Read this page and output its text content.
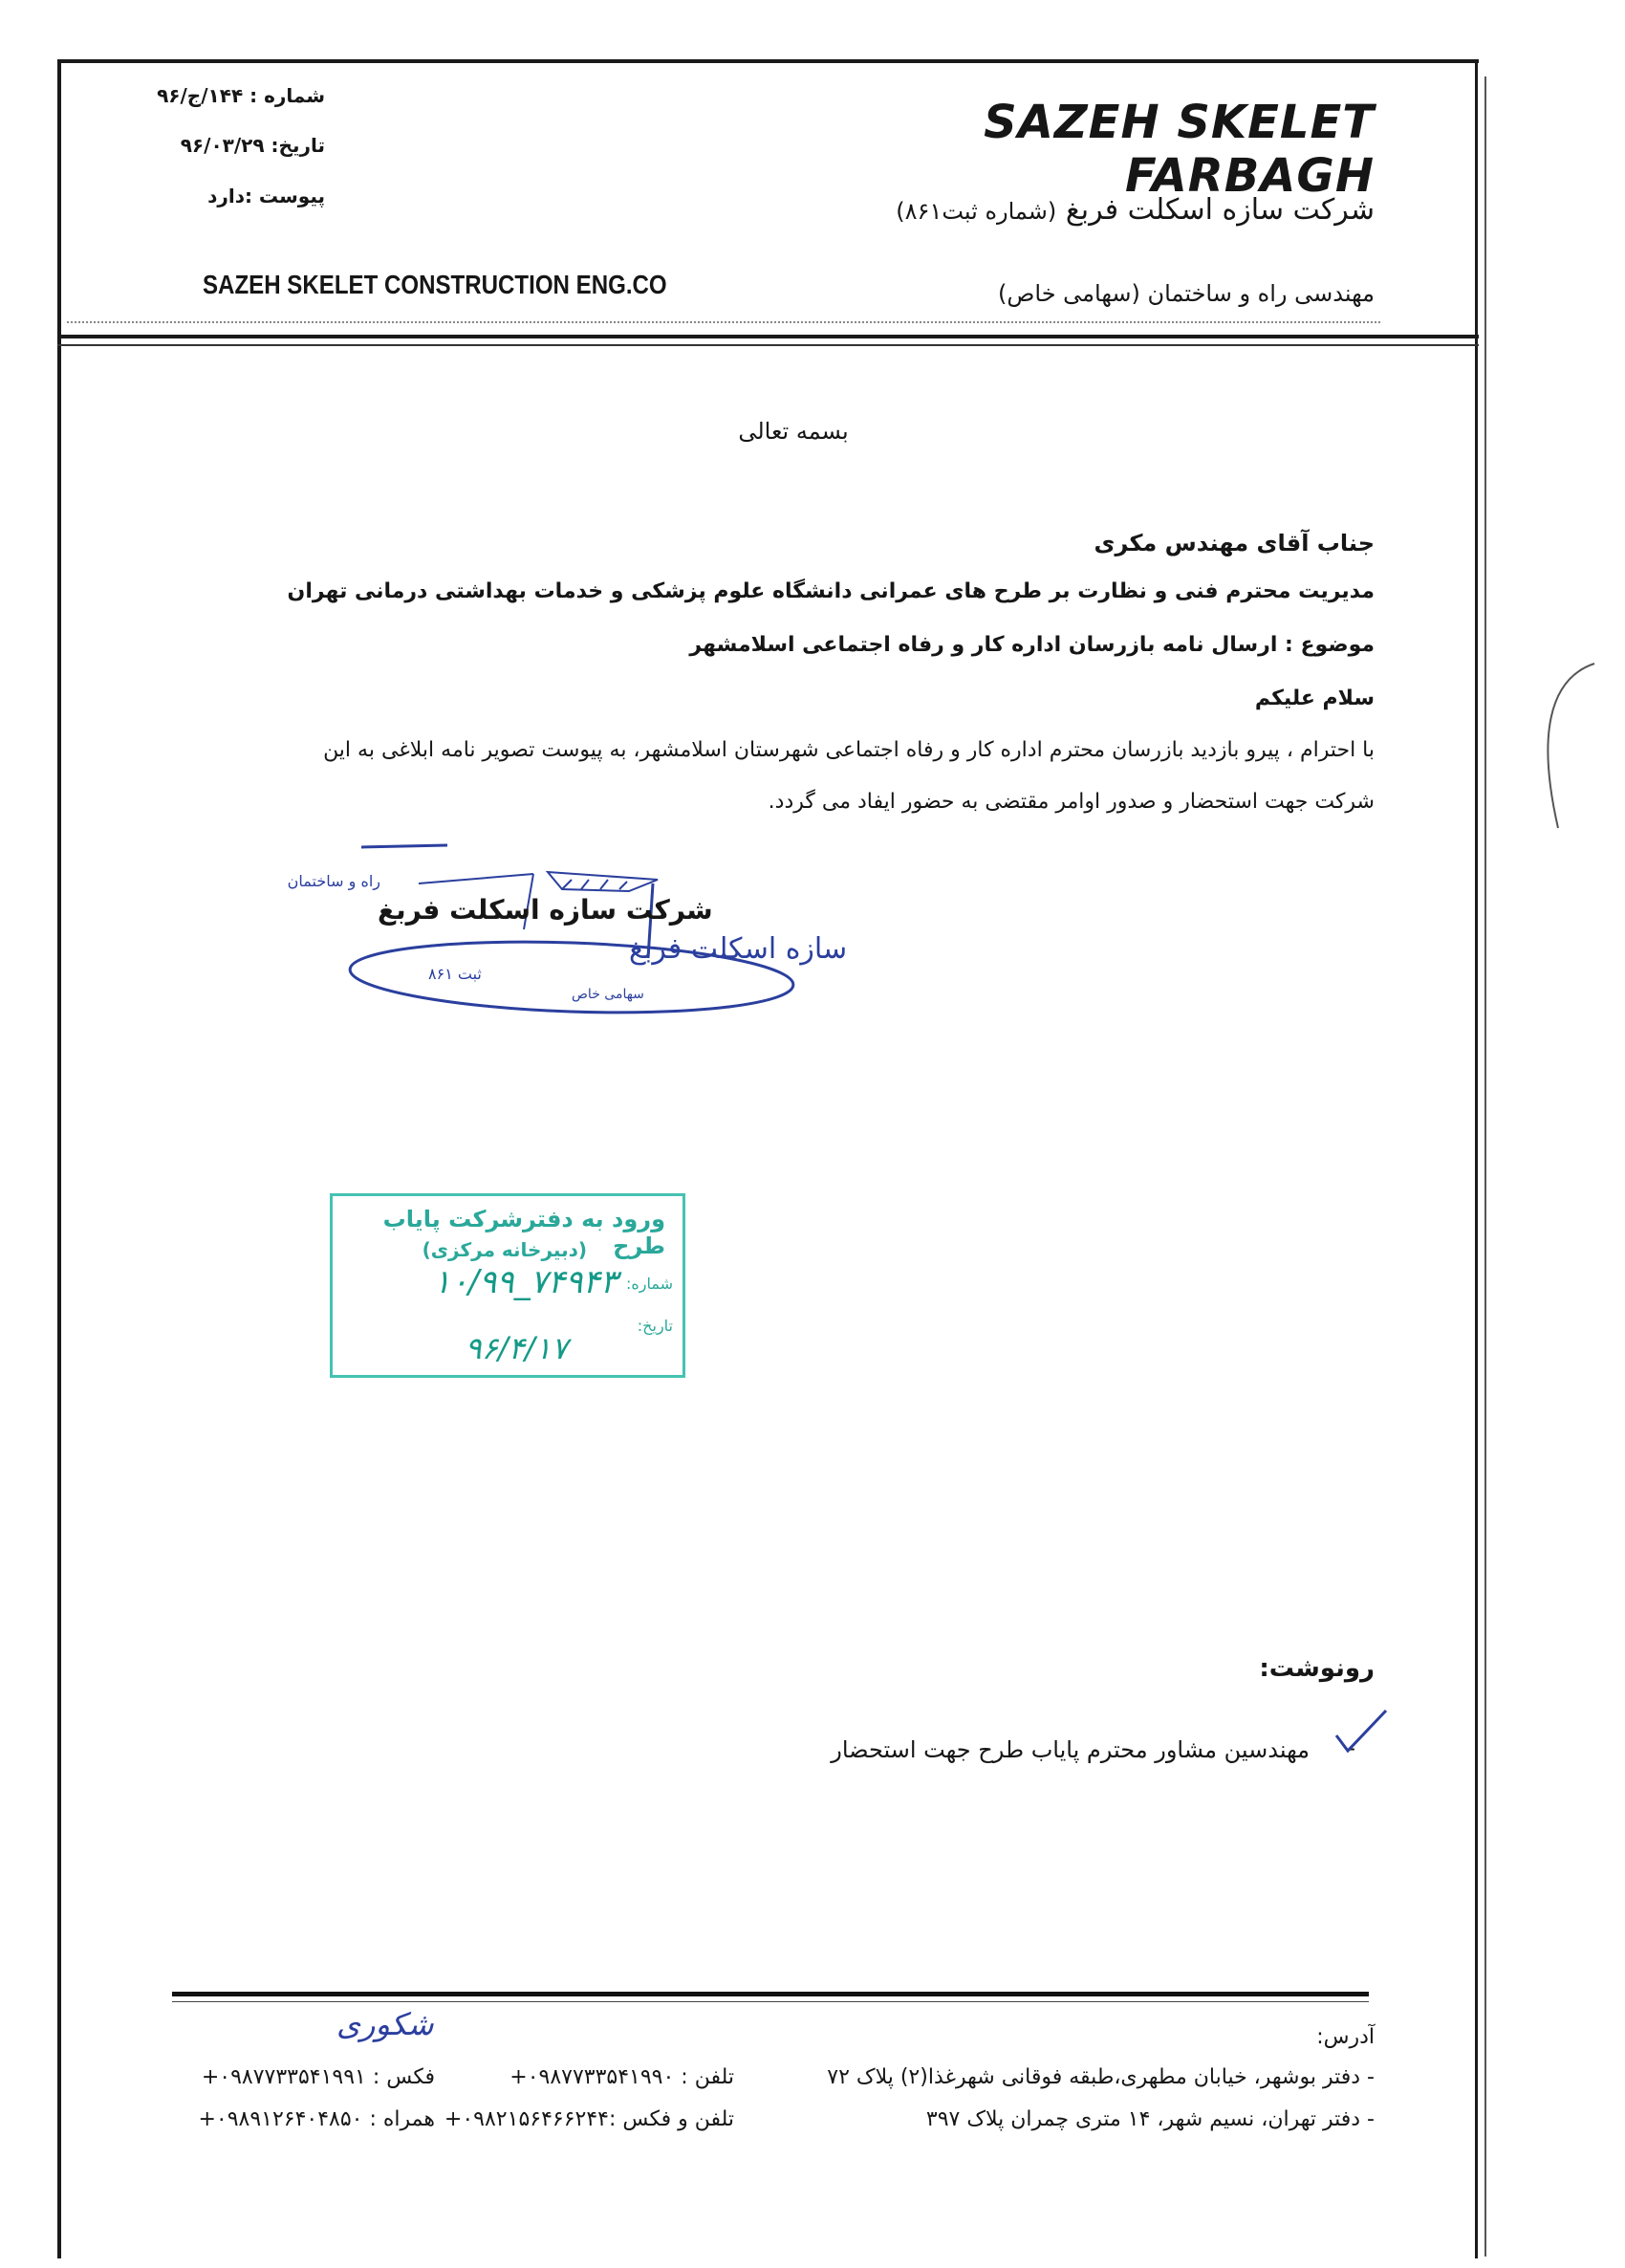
شماره : ۱۴۴/ج/۹۶
تاریخ: ۹۶/۰۳/۲۹
پیوست :دارد
SAZEH SKELET FARBAGH
شرکت سازه اسکلت فربغ (شماره ثبت۸۶۱)
SAZEH SKELET CONSTRUCTION ENG.CO	مهندسی راه و ساختمان (سهامی خاص)
بسمه تعالی
جناب آقای مهندس مکری
مدیریت محترم فنی و نظارت بر طرح های عمرانی دانشگاه علوم پزشکی و خدمات بهداشتی درمانی تهران
موضوع : ارسال نامه بازرسان اداره کار و رفاه اجتماعی اسلامشهر
سلام علیکم
با احترام ، پیرو بازدید بازرسان محترم اداره کار و رفاه اجتماعی شهرستان اسلامشهر، به پیوست تصویر نامه ابلاغی به این
شرکت جهت استحضار و صدور اوامر مقتضی به حضور ایفاد می گردد.
راه و ساختمان
سازه اسکلت فربغ
ثبت ۸۶۱
سهامی خاص
شرکت سازه اسکلت فربغ
ورود به دفترشرکت پایاب طرح
(دبیرخانه مرکزی)
شماره:
۱۰/۹۹_۷۴۹۴۳
تاریخ:
۹۶/۴/۱۷
رونوشت:
-
مهندسین مشاور محترم پایاب طرح جهت استحضار
شکوری	آدرس:
- دفتر بوشهر، خیابان مطهری،طبقه فوقانی شهرغذا(۲) پلاک ۷۲
تلفن : ۰۹۸۷۷۳۳۵۴۱۹۹۰+
فکس : ۰۹۸۷۷۳۳۵۴۱۹۹۱+
- دفتر تهران، نسیم شهر، ۱۴ متری چمران پلاک ۳۹۷
تلفن و فکس :۰۹۸۲۱۵۶۴۶۶۲۴۴+
همراه : ۰۹۸۹۱۲۶۴۰۴۸۵۰+
